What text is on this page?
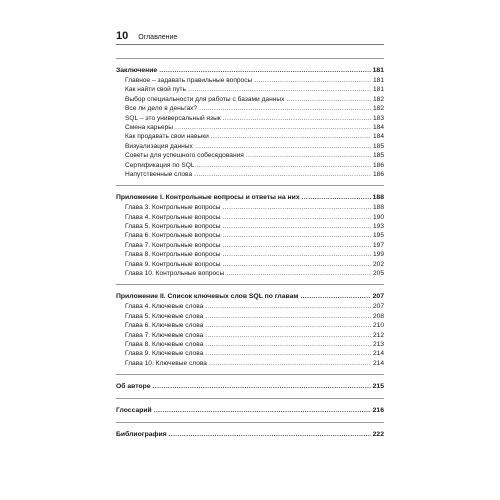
10 Оглавление
Заключение .....	181
Главное – задавать правильные вопросы .....	181
Как найти свой путь .....	181
Выбор специальности для работы с базами данных .....	182
Все ли дело в деньгах? .....	182
SQL – это универсальный язык .....	183
Смена карьеры .....	184
Как продавать свои навыки .....	184
Визуализация данных .....	185
Советы для успешного собеседования .....	185
Сертификация по SQL .....	186
Напутственные слова .....	186
Приложение I. Контрольные вопросы и ответы на них .....	188
Глава 3. Контрольные вопросы .....	188
Глава 4. Контрольные вопросы .....	190
Глава 5. Контрольные вопросы .....	193
Глава 6. Контрольные вопросы .....	195
Глава 7. Контрольные вопросы .....	197
Глава 8. Контрольные вопросы .....	199
Глава 9. Контрольные вопросы .....	202
Глава 10. Контрольные вопросы .....	205
Приложение II. Список ключевых слов SQL по главам .....	207
Глава 4. Ключевые слова .....	207
Глава 5. Ключевые слова .....	208
Глава 6. Ключевые слова .....	210
Глава 7. Ключевые слова .....	212
Глава 8. Ключевые слова .....	213
Глава 9. Ключевые слова .....	214
Глава 10. Ключевые слова .....	214
Об авторе .....	215
Глоссарий .....	216
Библиография .....	222
